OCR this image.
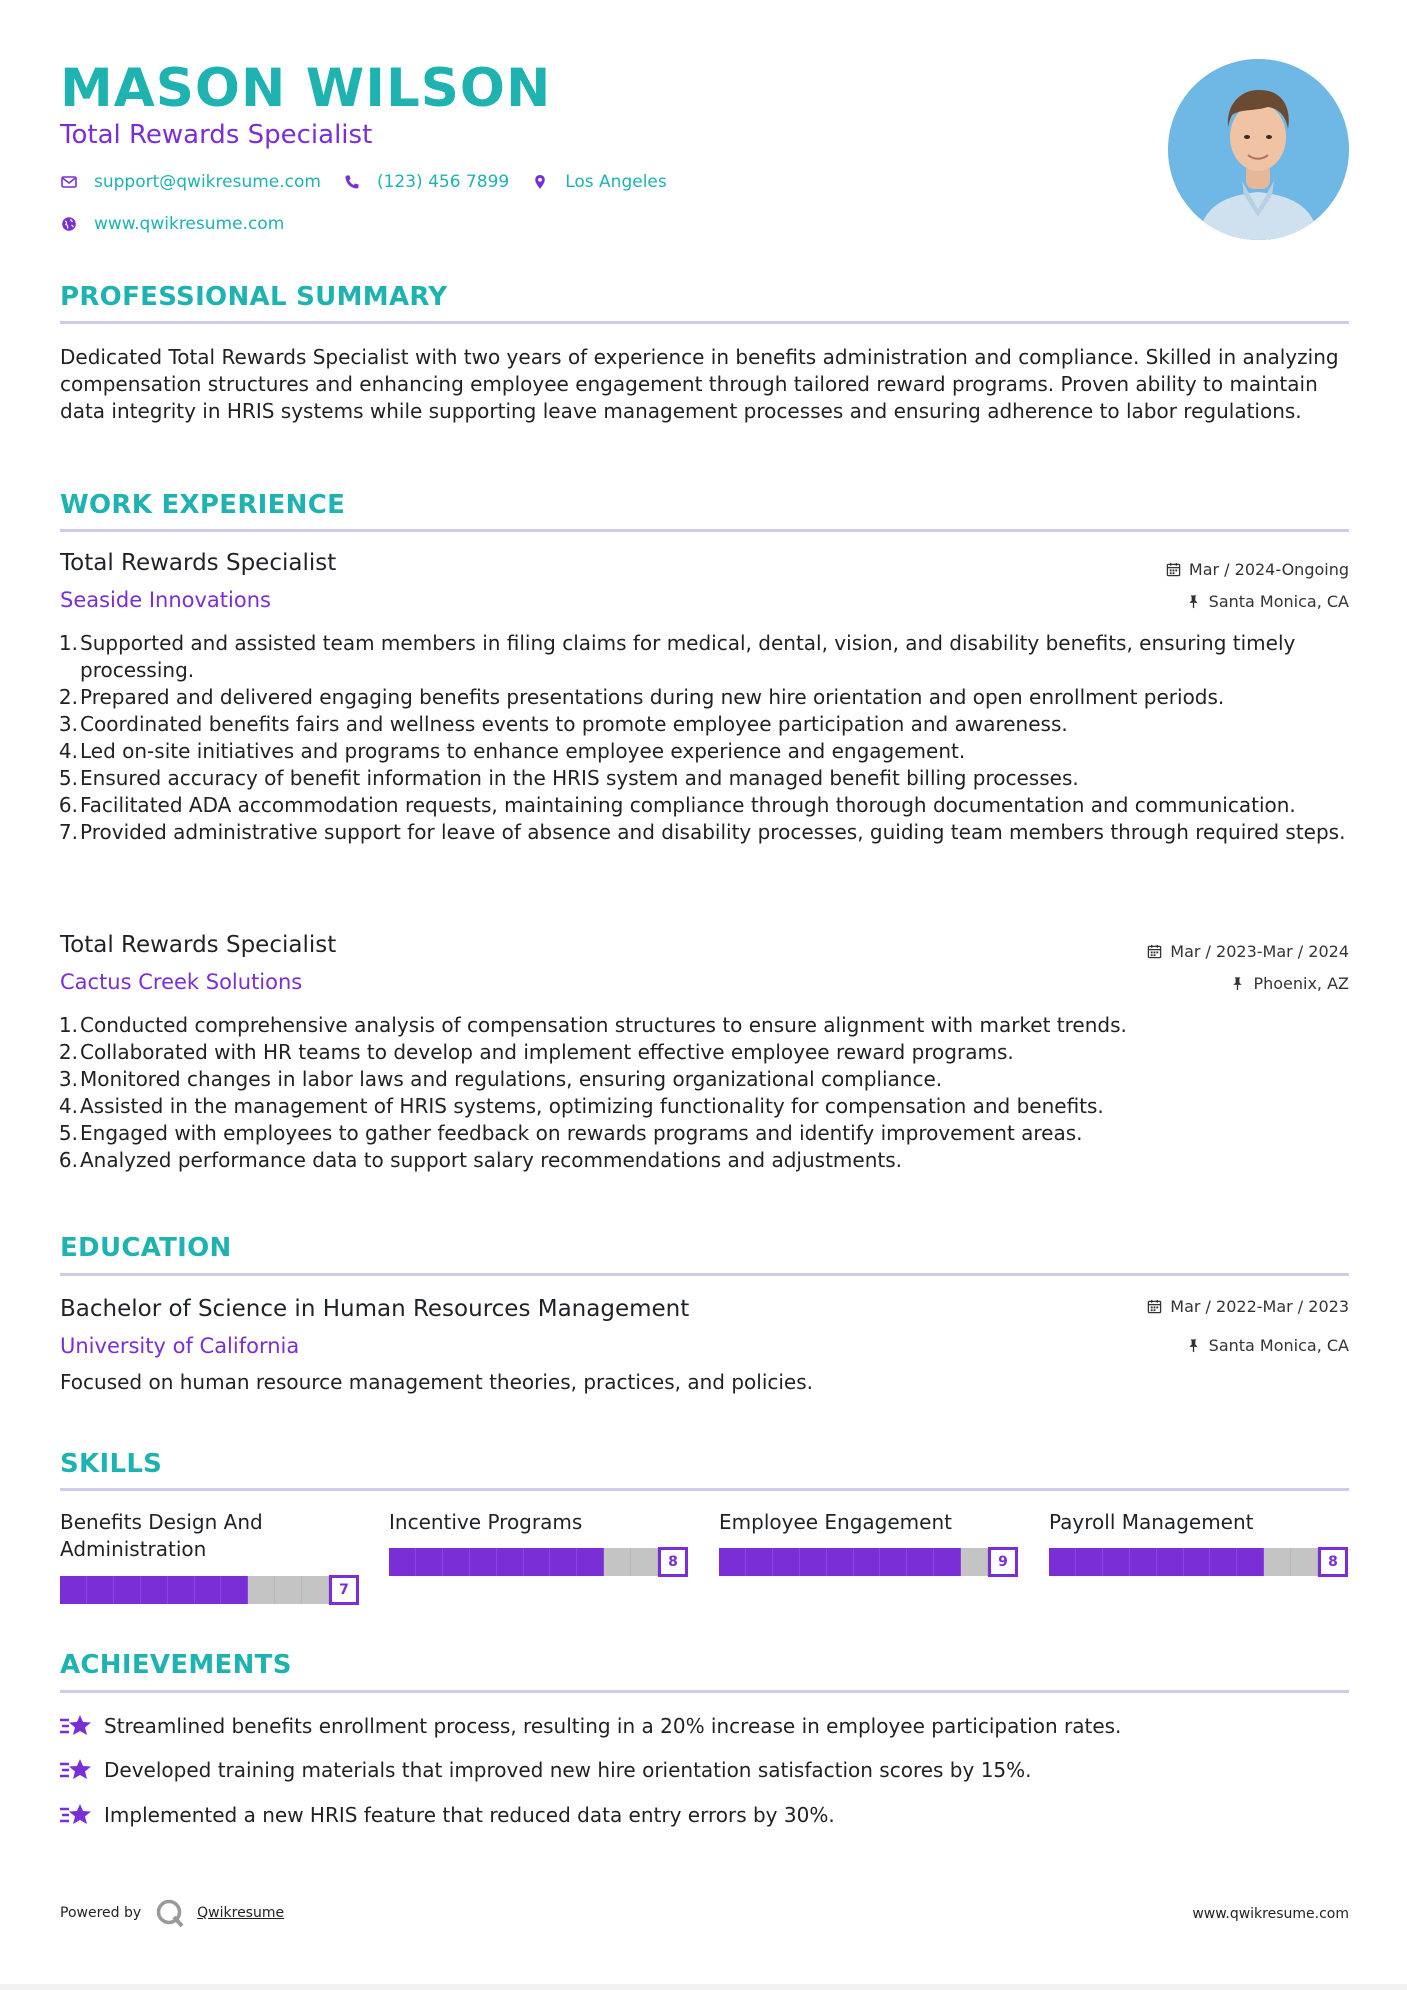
MASON WILSON
Total Rewards Specialist
support@qwikresume.com	(123) 456 7899	Los Angeles
www.qwikresume.com
PROFESSIONAL SUMMARY
Dedicated Total Rewards Specialist with two years of experience in benefits administration and compliance. Skilled in analyzing compensation structures and enhancing employee engagement through tailored reward programs. Proven ability to maintain data integrity in HRIS systems while supporting leave management processes and ensuring adherence to labor regulations.
WORK EXPERIENCE
Total Rewards Specialist	Mar / 2024-Ongoing
Seaside Innovations	Santa Monica, CA
1. Supported and assisted team members in filing claims for medical, dental, vision, and disability benefits, ensuring timely processing.
2. Prepared and delivered engaging benefits presentations during new hire orientation and open enrollment periods.
3. Coordinated benefits fairs and wellness events to promote employee participation and awareness.
4. Led on-site initiatives and programs to enhance employee experience and engagement.
5. Ensured accuracy of benefit information in the HRIS system and managed benefit billing processes.
6. Facilitated ADA accommodation requests, maintaining compliance through thorough documentation and communication.
7. Provided administrative support for leave of absence and disability processes, guiding team members through required steps.
Total Rewards Specialist	Mar / 2023-Mar / 2024
Cactus Creek Solutions	Phoenix, AZ
1. Conducted comprehensive analysis of compensation structures to ensure alignment with market trends.
2. Collaborated with HR teams to develop and implement effective employee reward programs.
3. Monitored changes in labor laws and regulations, ensuring organizational compliance.
4. Assisted in the management of HRIS systems, optimizing functionality for compensation and benefits.
5. Engaged with employees to gather feedback on rewards programs and identify improvement areas.
6. Analyzed performance data to support salary recommendations and adjustments.
EDUCATION
Bachelor of Science in Human Resources Management	Mar / 2022-Mar / 2023
University of California	Santa Monica, CA
Focused on human resource management theories, practices, and policies.
SKILLS
Benefits Design And Administration
7
Incentive Programs
8
Employee Engagement
9
Payroll Management
8
ACHIEVEMENTS
Streamlined benefits enrollment process, resulting in a 20% increase in employee participation rates.
Developed training materials that improved new hire orientation satisfaction scores by 15%.
Implemented a new HRIS feature that reduced data entry errors by 30%.
Powered by	Qwikresume	www.qwikresume.com
